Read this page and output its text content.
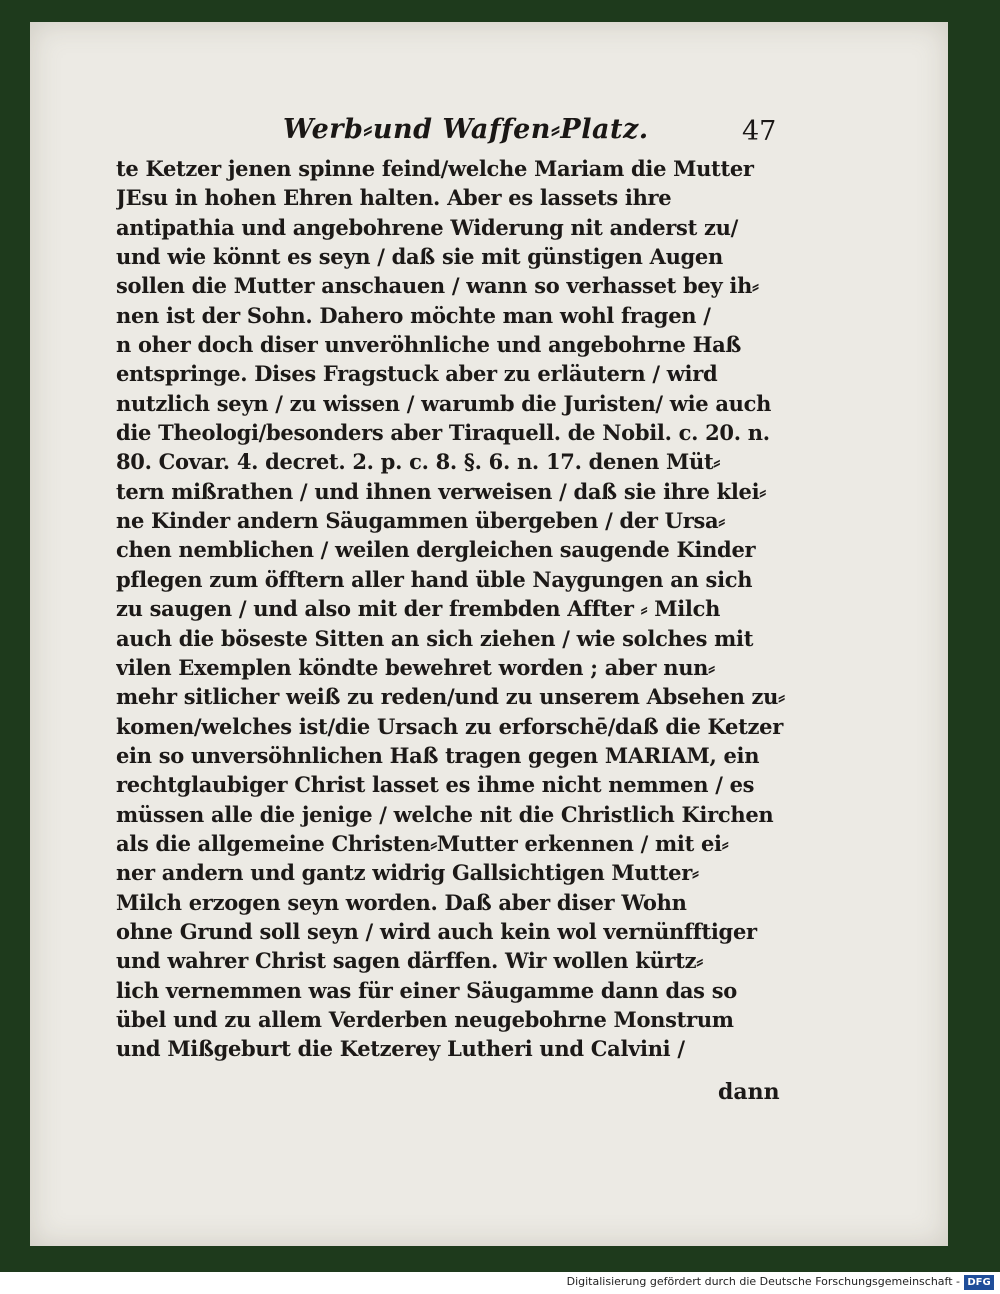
Werb⸗und Waffen⸗Platz.	47
te Ketzer jenen spinne feind/welche Mariam die Mutter
JEsu in hohen Ehren halten. Aber es lassets ihre
antipathia und angebohrene Widerung nit anderst zu/
und wie könnt es seyn / daß sie mit günstigen Augen
sollen die Mutter anschauen / wann so verhasset bey ih⸗
nen ist der Sohn. Dahero möchte man wohl fragen /
n oher doch diser unveröhnliche und angebohrne Haß
entspringe. Dises Fragstuck aber zu erläutern / wird
nutzlich seyn / zu wissen / warumb die Juristen/ wie auch
die Theologi/besonders aber Tiraquell. de Nobil. c. 20. n.
80. Covar. 4. decret. 2. p. c. 8. §. 6. n. 17. denen Müt⸗
tern mißrathen / und ihnen verweisen / daß sie ihre klei⸗
ne Kinder andern Säugammen übergeben / der Ursa⸗
chen nemblichen / weilen dergleichen saugende Kinder
pflegen zum öfftern aller hand üble Naygungen an sich
zu saugen / und also mit der frembden Affter ⸗ Milch
auch die böseste Sitten an sich ziehen / wie solches mit
vilen Exemplen köndte bewehret worden ; aber nun⸗
mehr sitlicher weiß zu reden/und zu unserem Absehen zu⸗
komen/welches ist/die Ursach zu erforschē/daß die Ketzer
ein so unversöhnlichen Haß tragen gegen MARIAM, ein
rechtglaubiger Christ lasset es ihme nicht nemmen / es
müssen alle die jenige / welche nit die Christlich Kirchen
als die allgemeine Christen⸗Mutter erkennen / mit ei⸗
ner andern und gantz widrig Gallsichtigen Mutter⸗
Milch erzogen seyn worden. Daß aber diser Wohn
ohne Grund soll seyn / wird auch kein wol vernünfftiger
und wahrer Christ sagen därffen. Wir wollen kürtz⸗
lich vernemmen was für einer Säugamme dann das so
übel und zu allem Verderben neugebohrne Monstrum
und Mißgeburt die Ketzerey Lutheri und Calvini /
dann
Digitalisierung gefördert durch die Deutsche Forschungsgemeinschaft - DFG
